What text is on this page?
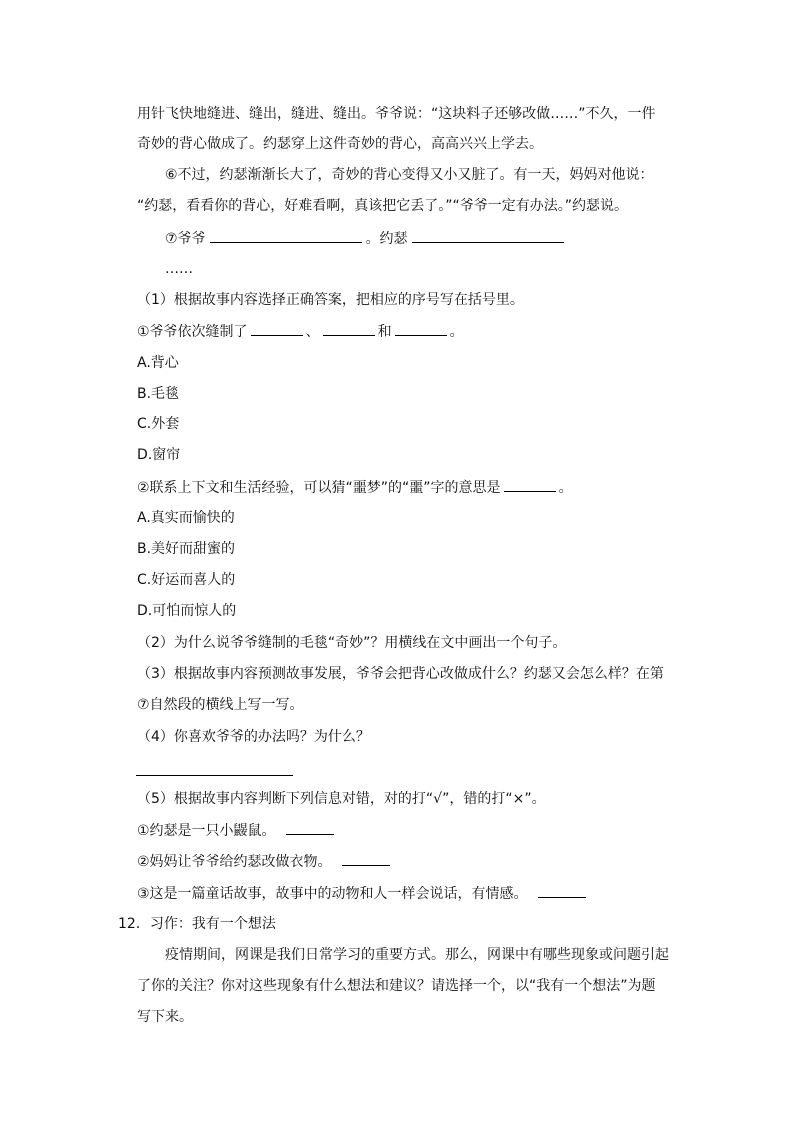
用针飞快地缝进、缝出，缝进、缝出。爷爷说：“这块料子还够改做……”不久，一件
奇妙的背心做成了。约瑟穿上这件奇妙的背心，高高兴兴上学去。
⑥不过，约瑟渐渐长大了，奇妙的背心变得又小又脏了。有一天，妈妈对他说：
“约瑟，看看你的背心，好难看啊，真该把它丢了。”“爷爷一定有办法。”约瑟说。
⑦爷爷	。约瑟
……
（1）根据故事内容选择正确答案，把相应的序号写在括号里。
①爷爷依次缝制了	、	和	。
A.背心
B.毛毯
C.外套
D.窗帘
②联系上下文和生活经验，可以猜“噩梦”的“噩”字的意思是	。
A.真实而愉快的
B.美好而甜蜜的
C.好运而喜人的
D.可怕而惊人的
（2）为什么说爷爷缝制的毛毯“奇妙”？用横线在文中画出一个句子。
（3）根据故事内容预测故事发展，爷爷会把背心改做成什么？约瑟又会怎么样？在第
⑦自然段的横线上写一写。
（4）你喜欢爷爷的办法吗？为什么？
（5）根据故事内容判断下列信息对错，对的打“√”，错的打“×”。
①约瑟是一只小鼹鼠。
②妈妈让爷爷给约瑟改做衣物。
③这是一篇童话故事，故事中的动物和人一样会说话，有情感。
12．习作：我有一个想法
疫情期间，网课是我们日常学习的重要方式。那么，网课中有哪些现象或问题引起
了你的关注？你对这些现象有什么想法和建议？请选择一个，以“我有一个想法”为题
写下来。
